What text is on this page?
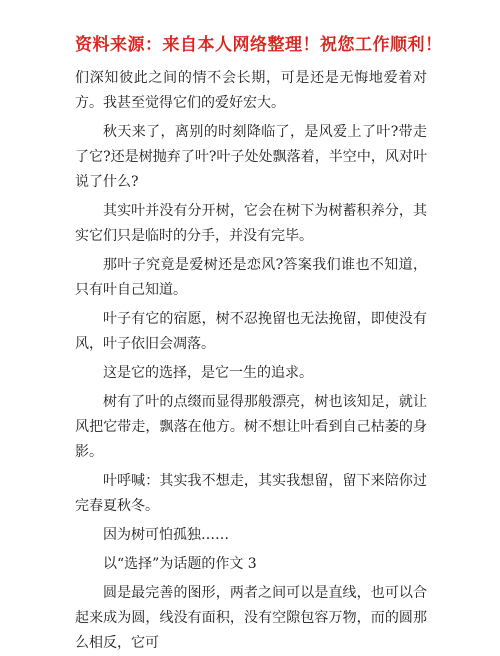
资料来源：来自本人网络整理！祝您工作顺利！

们深知彼此之间的情不会长期，可是还是无悔地爱着对方。我甚至觉得它们的爱好宏大。

秋天来了，离别的时刻降临了，是风爱上了叶?带走了它?还是树抛弃了叶?叶子处处飘落着，半空中，风对叶说了什么?

其实叶并没有分开树，它会在树下为树蓄积养分，其实它们只是临时的分手，并没有完毕。

那叶子究竟是爱树还是恋风?答案我们谁也不知道，只有叶自己知道。

叶子有它的宿愿，树不忍挽留也无法挽留，即使没有风，叶子依旧会凋落。

这是它的选择，是它一生的追求。

树有了叶的点缀而显得那般漂亮，树也该知足，就让风把它带走，飘落在他方。树不想让叶看到自己枯萎的身影。

叶呼喊：其实我不想走，其实我想留，留下来陪你过完春夏秋冬。

因为树可怕孤独……

以“选择”为话题的作文 3

圆是最完善的图形，两者之间可以是直线，也可以合起来成为圆，线没有面积，没有空隙包容万物，而的圆那么相反，它可
